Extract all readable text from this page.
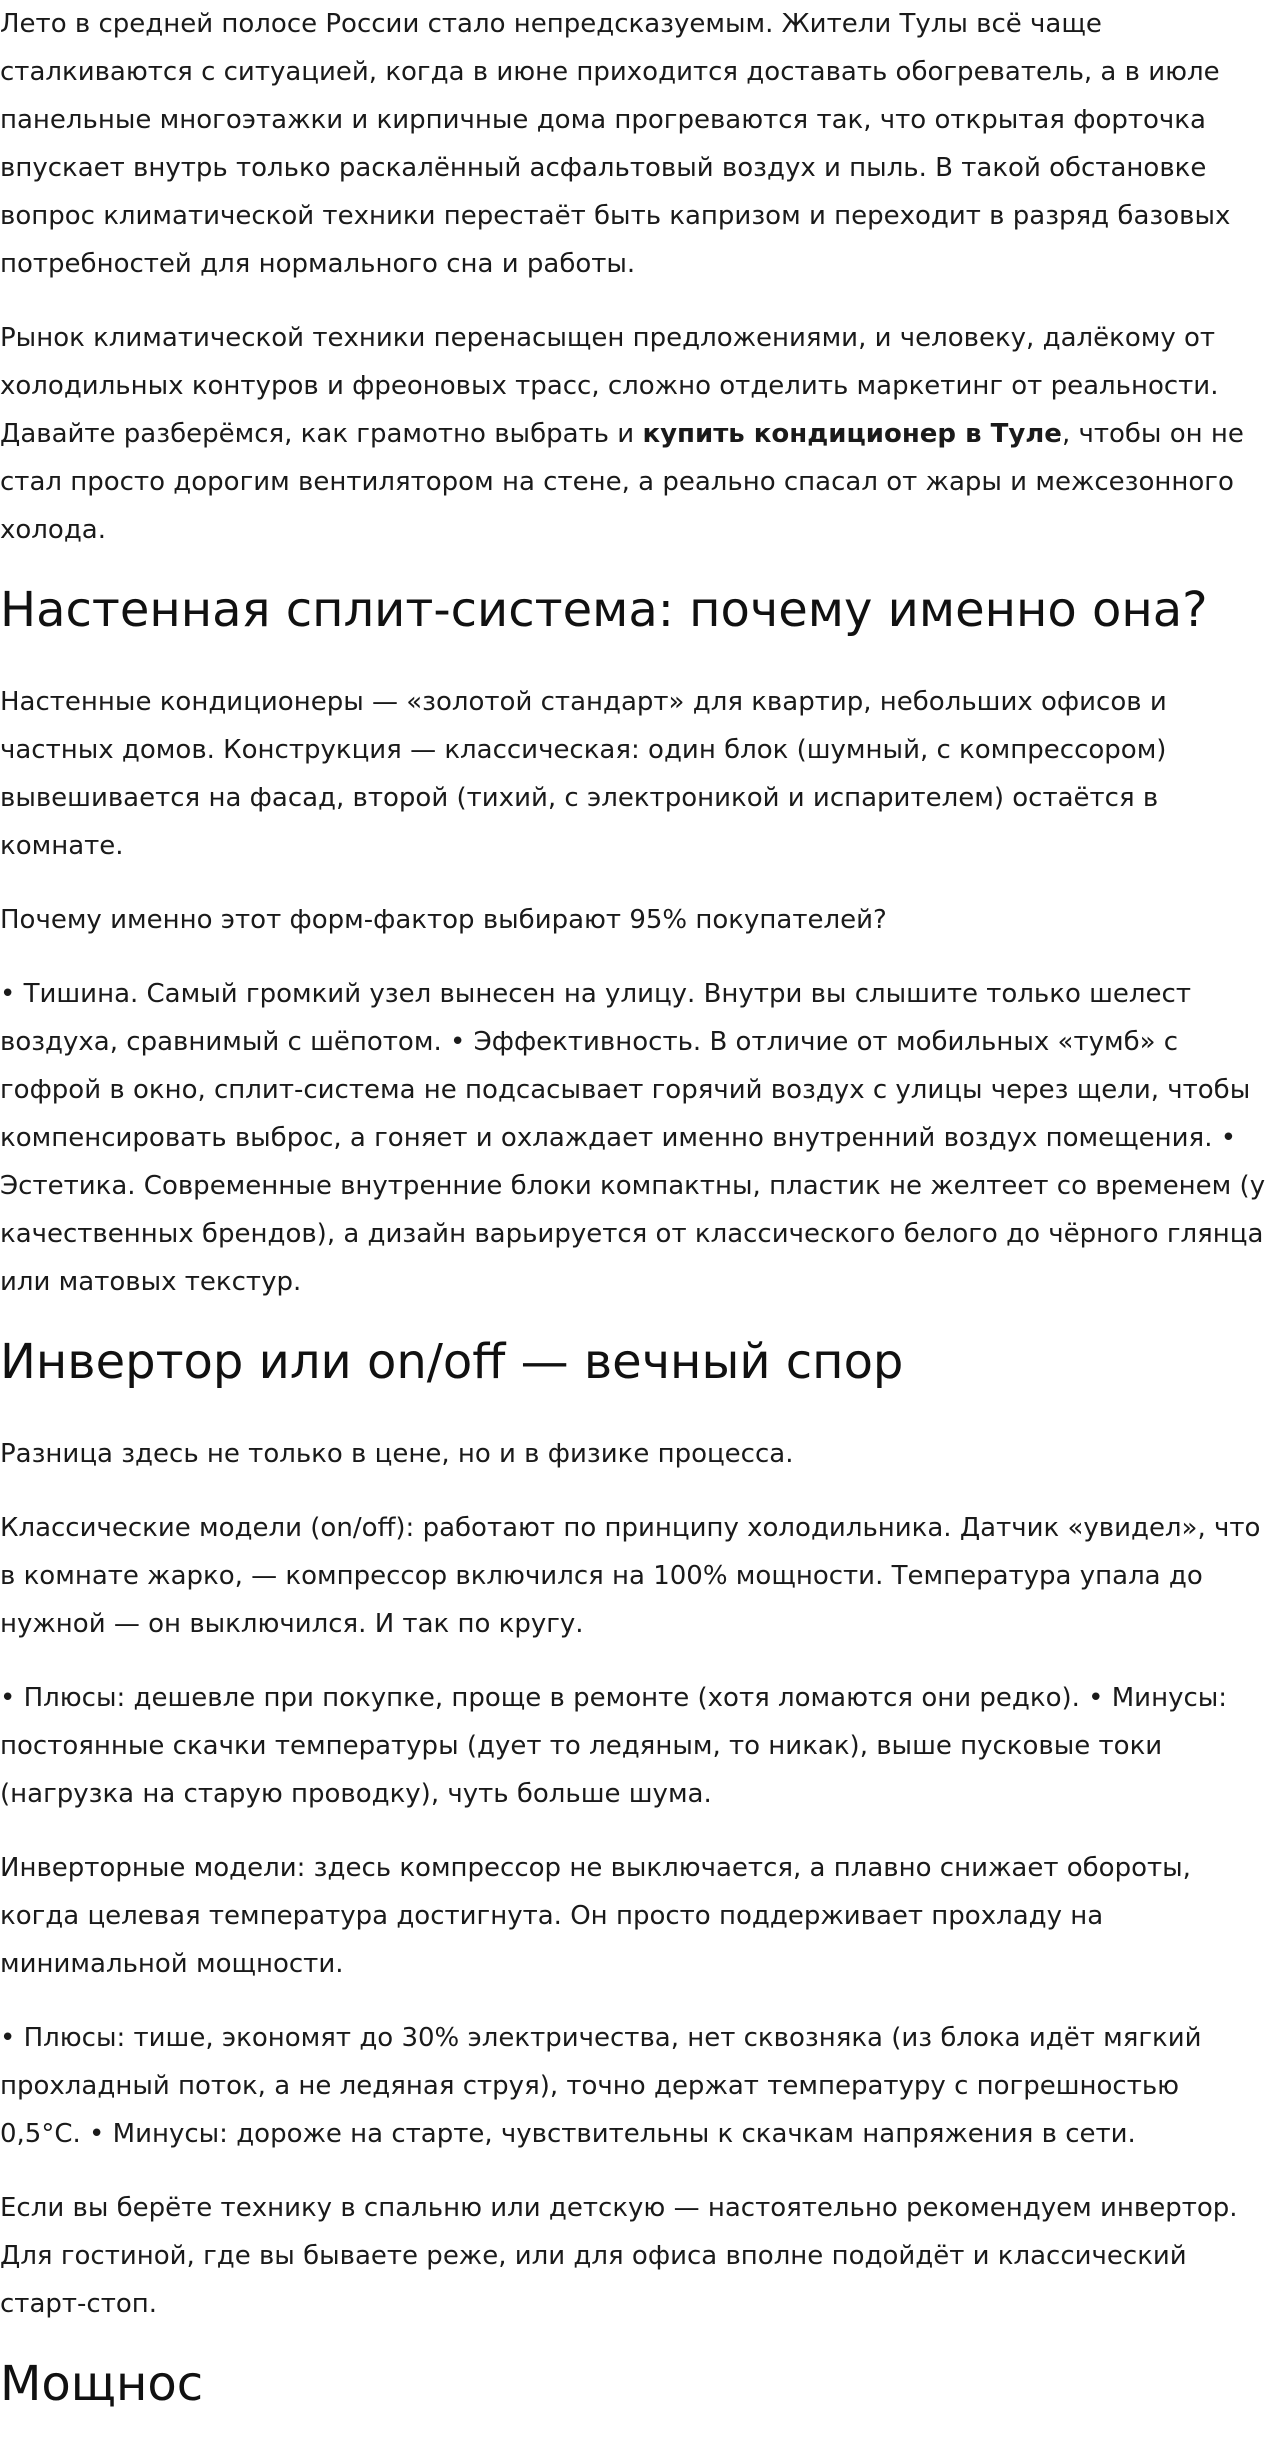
Лето в средней полосе России стало непредсказуемым. Жители Тулы всё чаще сталкиваются с ситуацией, когда в июне приходится доставать обогреватель, а в июле панельные многоэтажки и кирпичные дома прогреваются так, что открытая форточка впускает внутрь только раскалённый асфальтовый воздух и пыль. В такой обстановке вопрос климатической техники перестаёт быть капризом и переходит в разряд базовых потребностей для нормального сна и работы.

Рынок климатической техники перенасыщен предложениями, и человеку, далёкому от холодильных контуров и фреоновых трасс, сложно отделить маркетинг от реальности. Давайте разберёмся, как грамотно выбрать и купить кондиционер в Туле, чтобы он не стал просто дорогим вентилятором на стене, а реально спасал от жары и межсезонного холода.

Настенная сплит-система: почему именно она?

Настенные кондиционеры — «золотой стандарт» для квартир, небольших офисов и частных домов. Конструкция — классическая: один блок (шумный, с компрессором) вывешивается на фасад, второй (тихий, с электроникой и испарителем) остаётся в комнате.

Почему именно этот форм-фактор выбирают 95% покупателей?

• Тишина. Самый громкий узел вынесен на улицу. Внутри вы слышите только шелест воздуха, сравнимый с шёпотом. • Эффективность. В отличие от мобильных «тумб» с гофрой в окно, сплит-система не подсасывает горячий воздух с улицы через щели, чтобы компенсировать выброс, а гоняет и охлаждает именно внутренний воздух помещения. • Эстетика. Современные внутренние блоки компактны, пластик не желтеет со временем (у качественных брендов), а дизайн варьируется от классического белого до чёрного глянца или матовых текстур.

Инвертор или on/off — вечный спор

Разница здесь не только в цене, но и в физике процесса.

Классические модели (on/off): работают по принципу холодильника. Датчик «увидел», что в комнате жарко, — компрессор включился на 100% мощности. Температура упала до нужной — он выключился. И так по кругу.

• Плюсы: дешевле при покупке, проще в ремонте (хотя ломаются они редко). • Минусы: постоянные скачки температуры (дует то ледяным, то никак), выше пусковые токи (нагрузка на старую проводку), чуть больше шума.

Инверторные модели: здесь компрессор не выключается, а плавно снижает обороты, когда целевая температура достигнута. Он просто поддерживает прохладу на минимальной мощности.

• Плюсы: тише, экономят до 30% электричества, нет сквозняка (из блока идёт мягкий прохладный поток, а не ледяная струя), точно держат температуру с погрешностью 0,5°C. • Минусы: дороже на старте, чувствительны к скачкам напряжения в сети.

Если вы берёте технику в спальню или детскую — настоятельно рекомендуем инвертор. Для гостиной, где вы бываете реже, или для офиса вполне подойдёт и классический старт-стоп.

Мощнос
